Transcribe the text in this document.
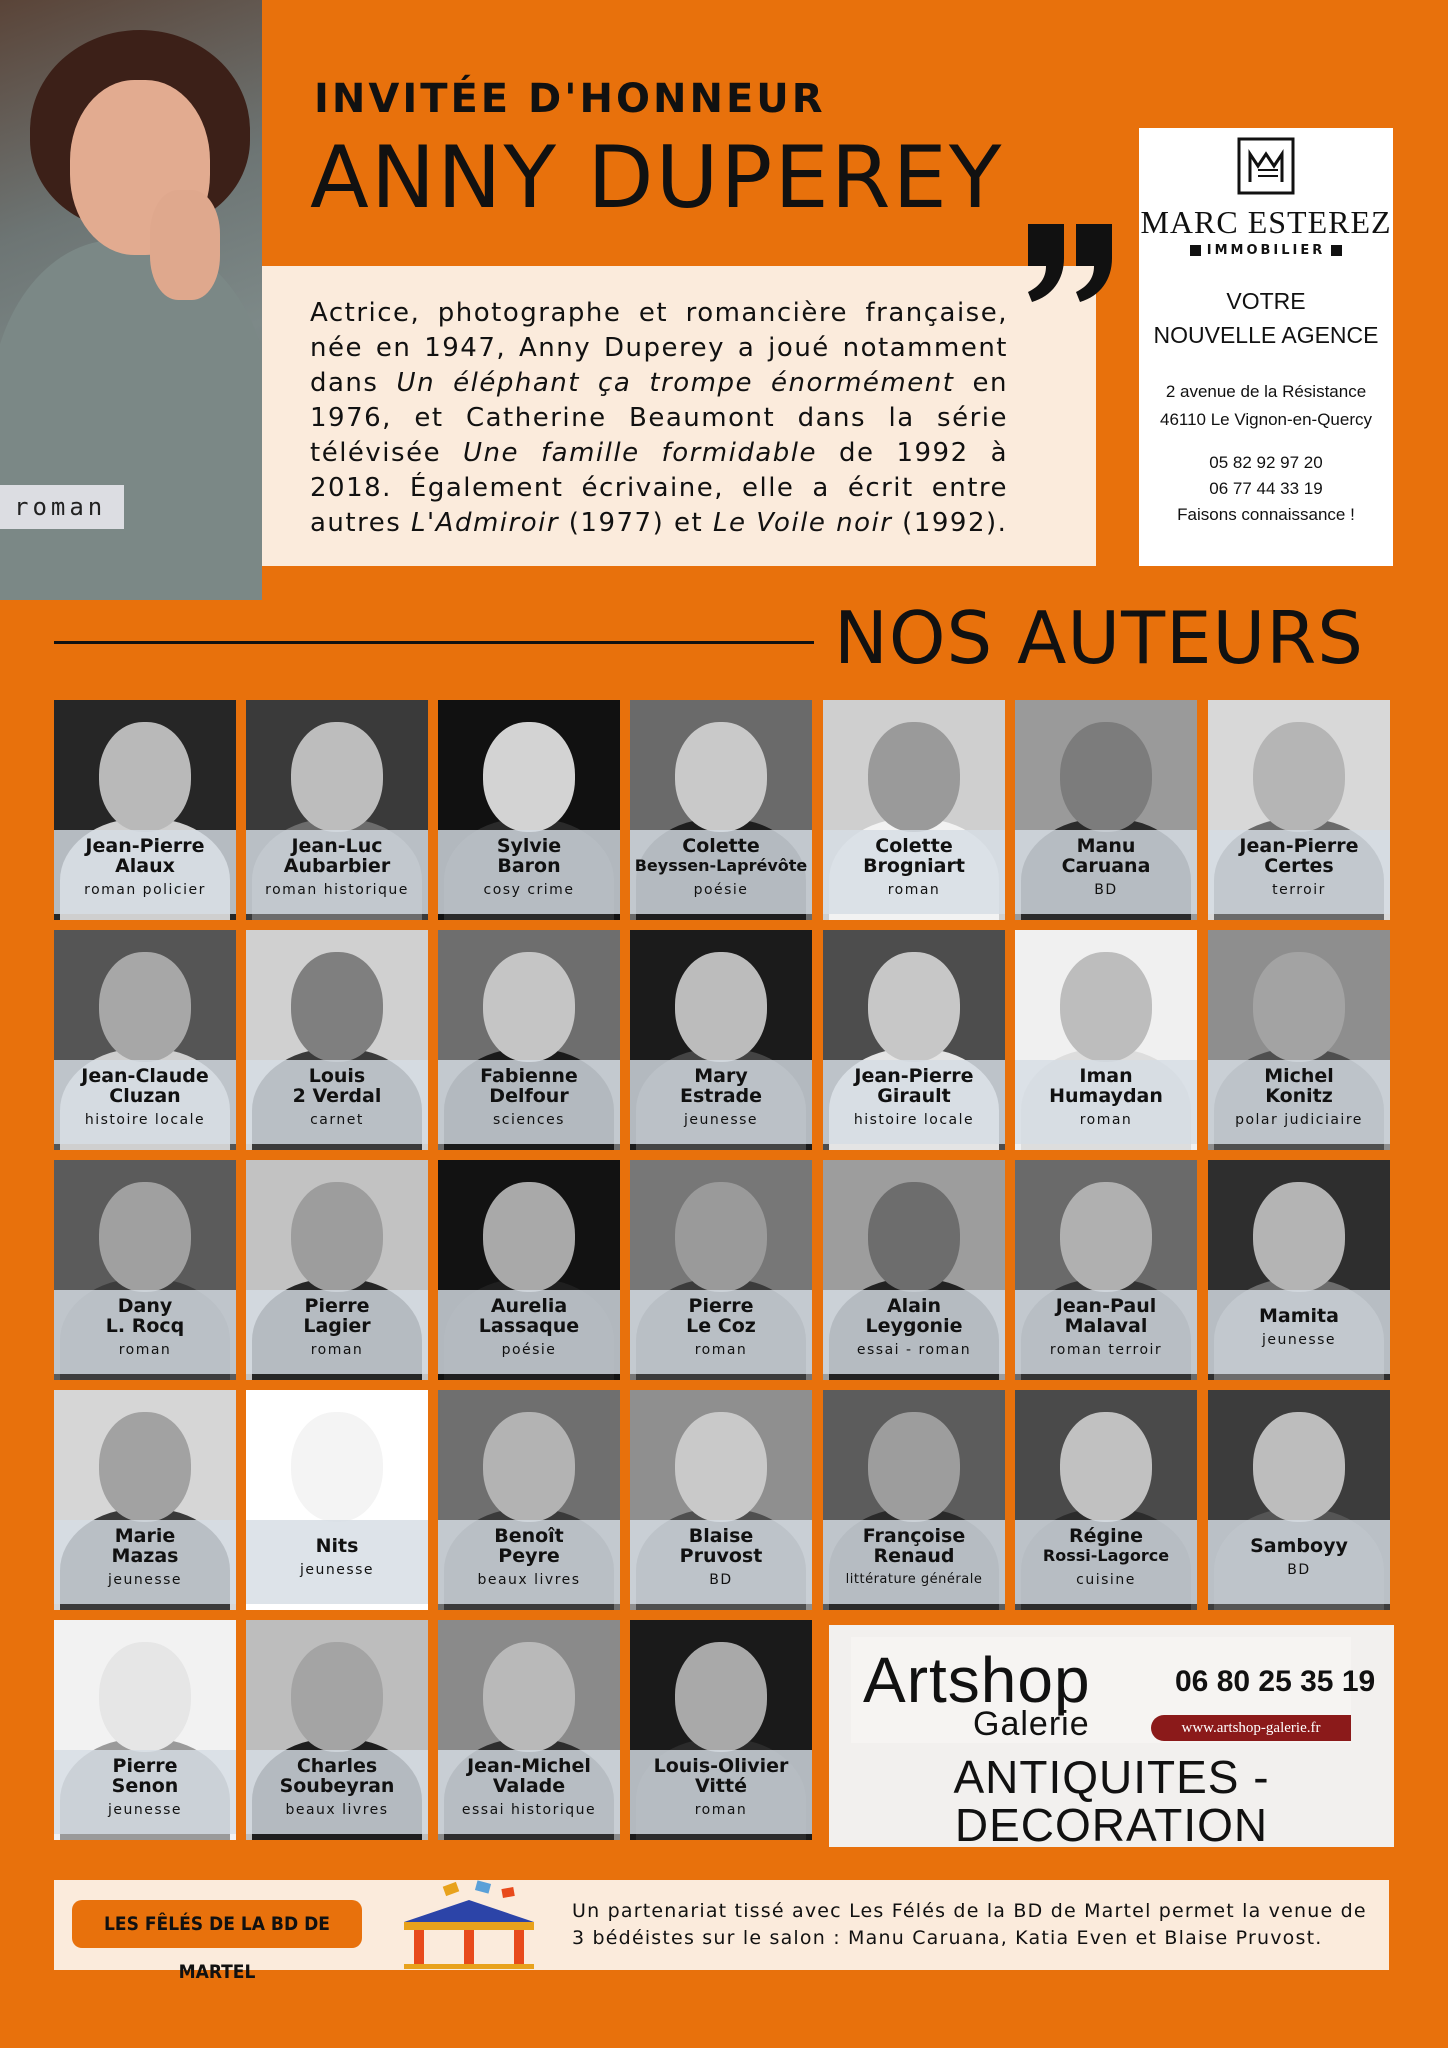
roman
INVITÉE D'HONNEUR
ANNY DUPEREY

Actrice, photographe et romancière française, née en 1947, Anny Duperey a joué notamment dans Un éléphant ça trompe énormément en 1976, et Catherine Beaumont dans la série télévisée Une famille formidable de 1992 à 2018. Également écrivaine, elle a écrit entre autres L'Admiroir (1977) et Le Voile noir (1992).

MARC ESTEREZ
IMMOBILIER
VOTRE
NOUVELLE AGENCE
2 avenue de la Résistance
46110 Le Vignon-en-Quercy
05 82 92 97 20
06 77 44 33 19
Faisons connaissance !
NOS AUTEURS
Jean-Pierre
Alaux
roman policier
Jean-Luc
Aubarbier
roman historique
Sylvie
Baron
cosy crime
Colette
Beyssen-Laprévôte
poésie
Colette
Brogniart
roman
Manu
Caruana
BD
Jean-Pierre
Certes
terroir
Jean-Claude
Cluzan
histoire locale
Louis
2 Verdal
carnet
Fabienne
Delfour
sciences
Mary
Estrade
jeunesse
Jean-Pierre
Girault
histoire locale
Iman
Humaydan
roman
Michel
Konitz
polar judiciaire
Dany
L. Rocq
roman
Pierre
Lagier
roman
Aurelia
Lassaque
poésie
Pierre
Le Coz
roman
Alain
Leygonie
essai - roman
Jean-Paul
Malaval
roman terroir
Mamita
jeunesse
Marie
Mazas
jeunesse
Nits
jeunesse
Benoît
Peyre
beaux livres
Blaise
Pruvost
BD
Françoise
Renaud
littérature générale
Régine
Rossi-Lagorce
cuisine
Samboyy
BD
Pierre
Senon
jeunesse
Charles
Soubeyran
beaux livres
Jean-Michel
Valade
essai historique
Louis-Olivier
Vitté
roman
Artshop
Galerie
06 80 25 35 19
www.artshop-galerie.fr
ANTIQUITES -
DECORATION
LES FÊLÉS DE LA BD DE MARTEL
Un partenariat tissé avec Les Félés de la BD de Martel permet la venue de 3 bédéistes sur le salon : Manu Caruana, Katia Even et Blaise Pruvost.
